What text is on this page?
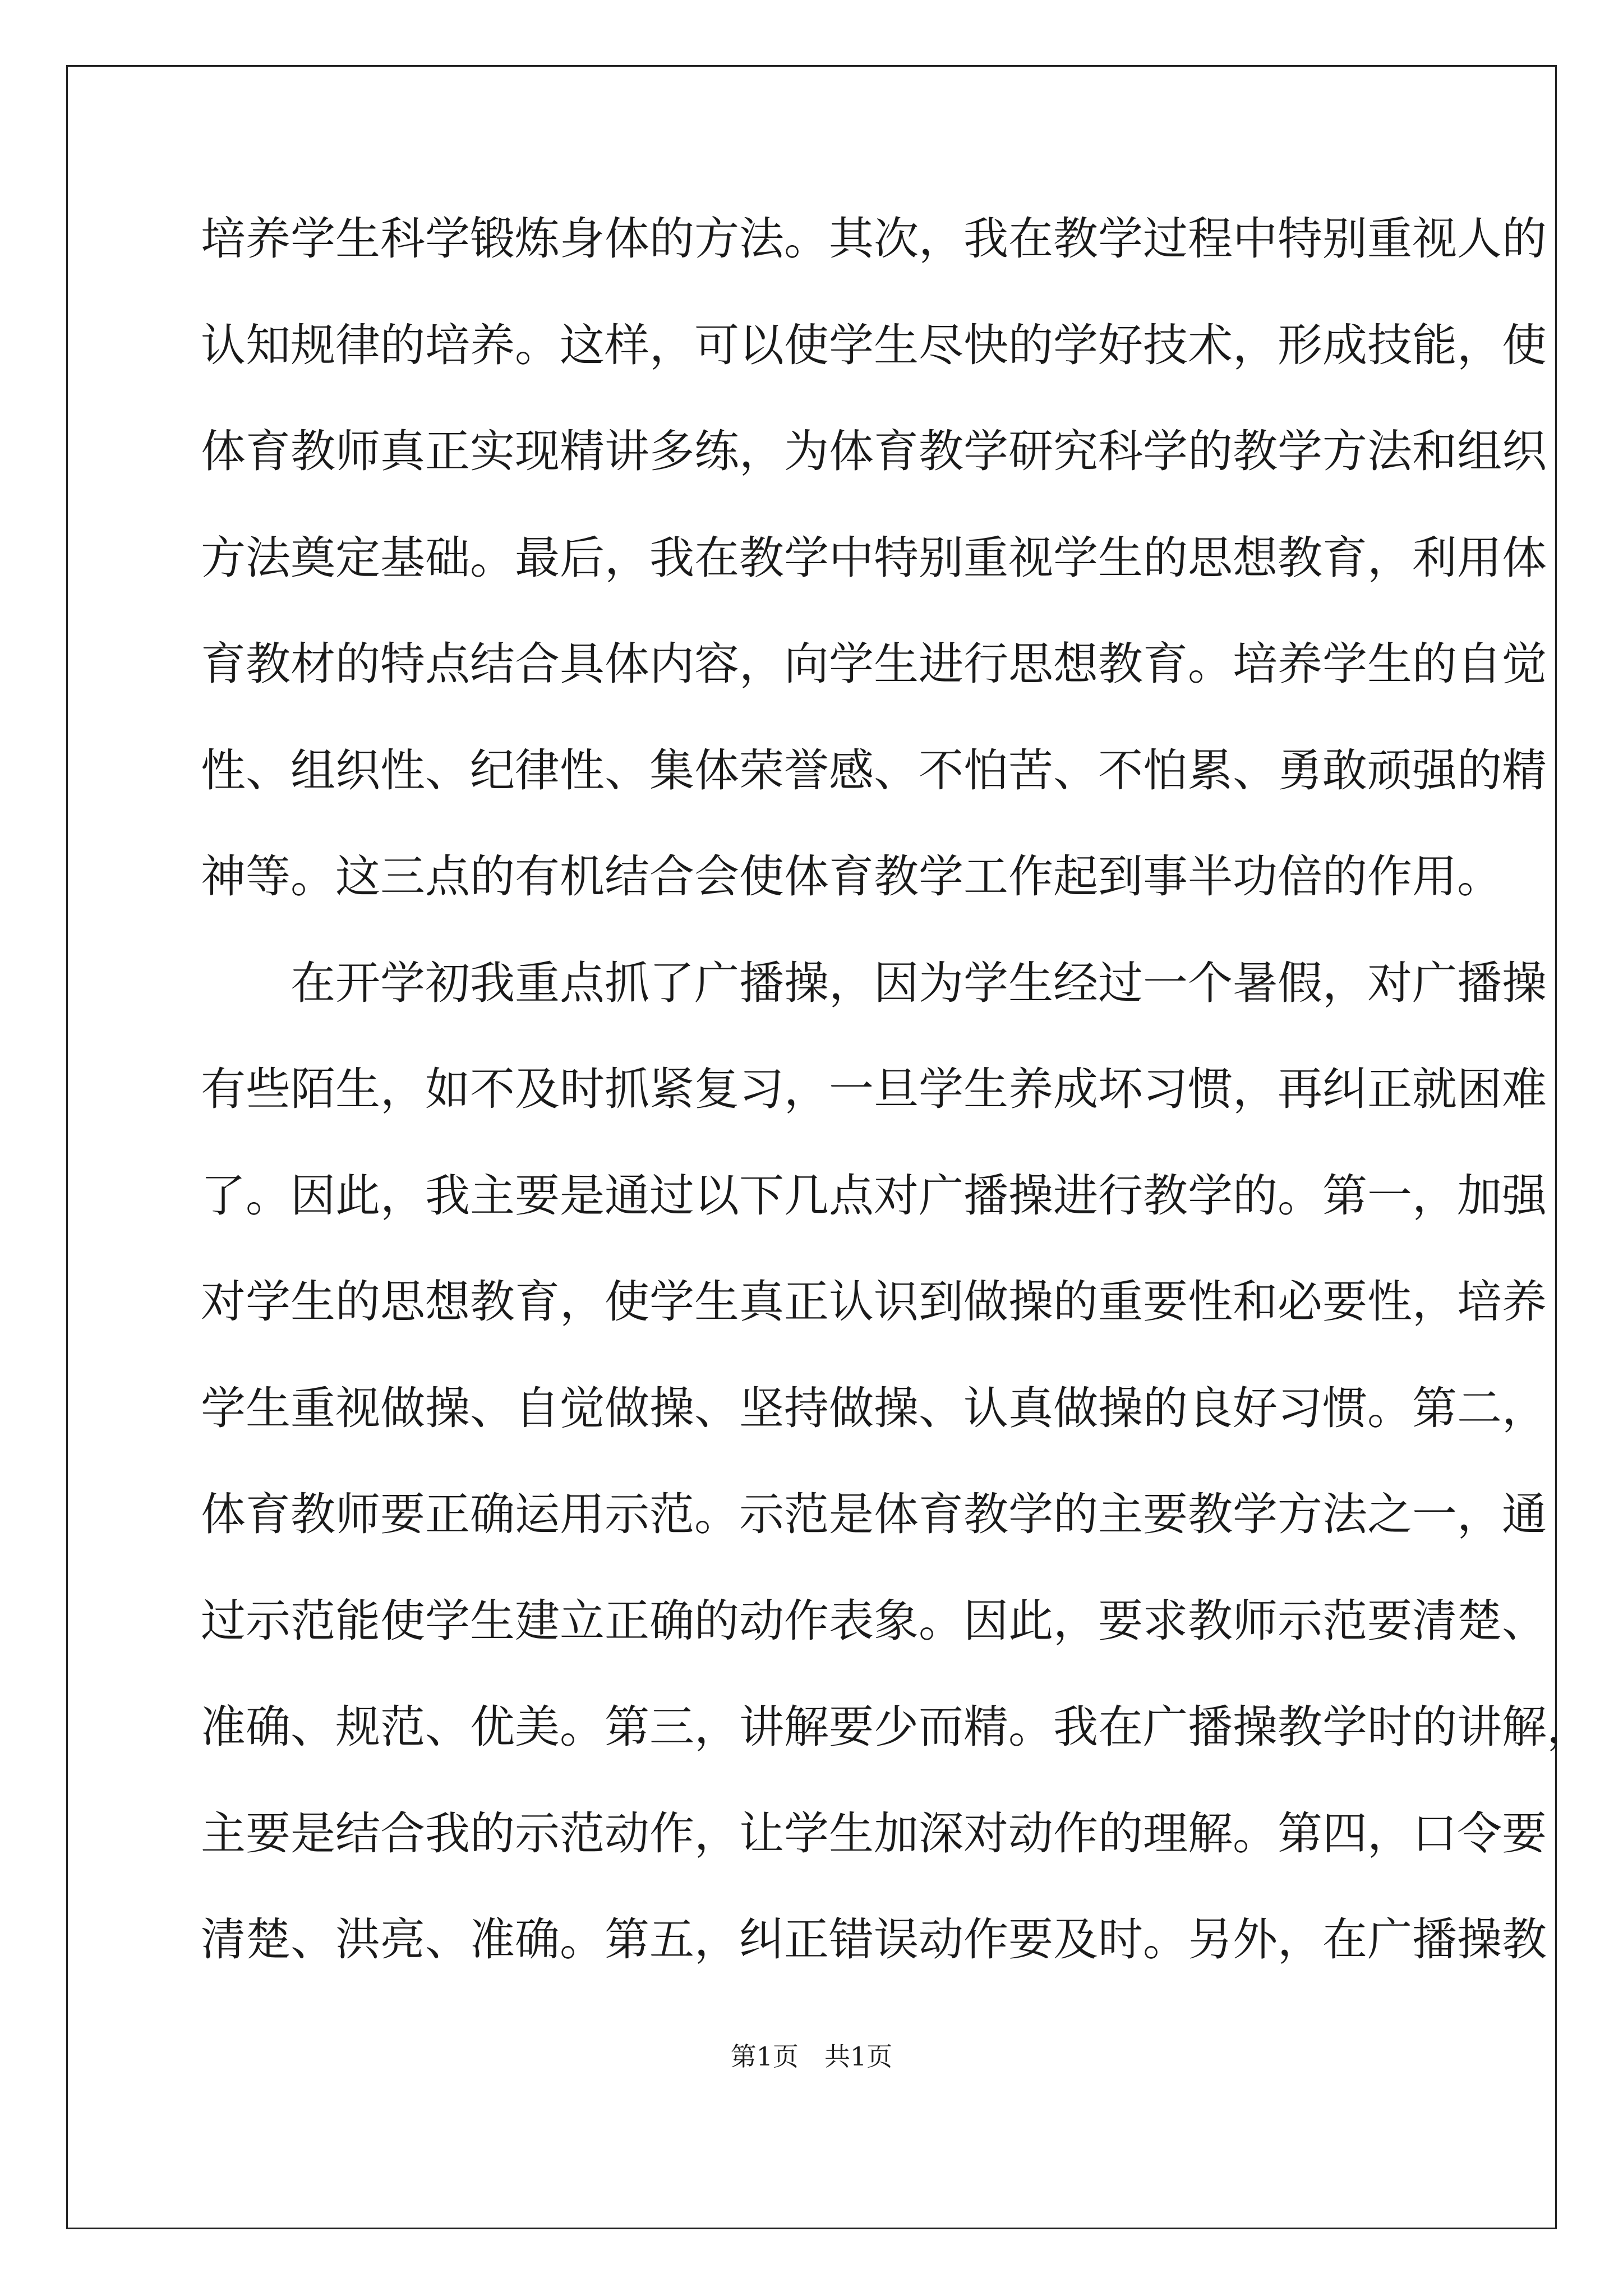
培养学生科学锻炼身体的方法。其次，我在教学过程中特别重视人的
认知规律的培养。这样，可以使学生尽快的学好技术，形成技能，使
体育教师真正实现精讲多练，为体育教学研究科学的教学方法和组织
方法奠定基础。最后，我在教学中特别重视学生的思想教育，利用体
育教材的特点结合具体内容，向学生进行思想教育。培养学生的自觉
性、组织性、纪律性、集体荣誉感、不怕苦、不怕累、勇敢顽强的精
神等。这三点的有机结合会使体育教学工作起到事半功倍的作用。
在开学初我重点抓了广播操，因为学生经过一个暑假，对广播操
有些陌生，如不及时抓紧复习，一旦学生养成坏习惯，再纠正就困难
了。因此，我主要是通过以下几点对广播操进行教学的。第一，加强
对学生的思想教育，使学生真正认识到做操的重要性和必要性，培养
学生重视做操、自觉做操、坚持做操、认真做操的良好习惯。第二，
体育教师要正确运用示范。示范是体育教学的主要教学方法之一，通
过示范能使学生建立正确的动作表象。因此，要求教师示范要清楚、
准确、规范、优美。第三，讲解要少而精。我在广播操教学时的讲解，
主要是结合我的示范动作，让学生加深对动作的理解。第四，口令要
清楚、洪亮、准确。第五，纠正错误动作要及时。另外，在广播操教
第1页　共1页
